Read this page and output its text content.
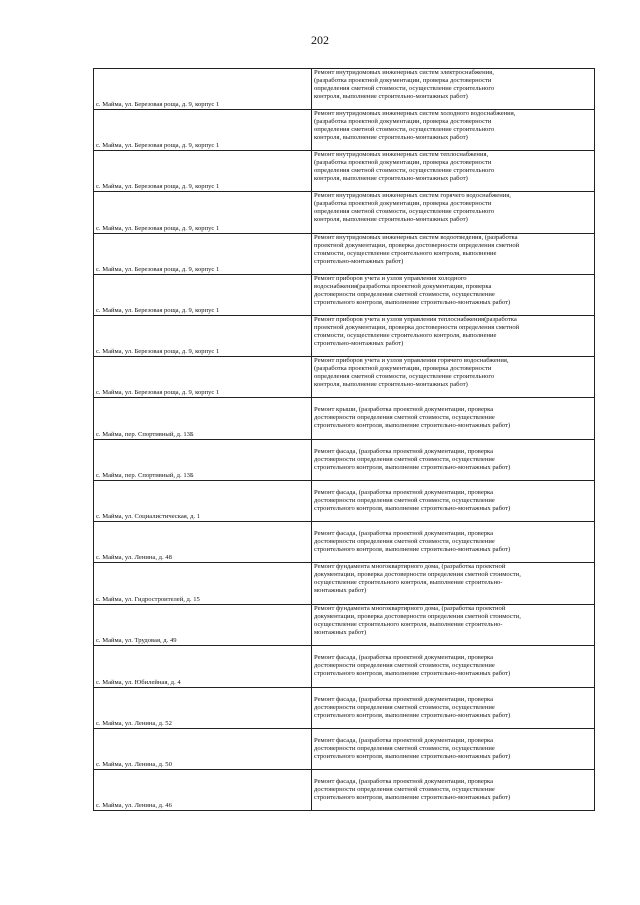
202
с. Майма, ул. Березовая роща, д. 9, корпус 1	Ремонт внутридомовых инженерных систем электроснабжения,
(разработка проектной документации, проверка достоверности
определения сметной стоимости, осуществление строительного
контроля, выполнение строительно-монтажных работ)

с. Майма, ул. Березовая роща, д. 9, корпус 1	Ремонт внутридомовых инженерных систем холодного водоснабжения,
(разработка проектной документации, проверка достоверности
определения сметной стоимости, осуществление строительного
контроля, выполнение строительно-монтажных работ)

с. Майма, ул. Березовая роща, д. 9, корпус 1	Ремонт внутридомовых инженерных систем теплоснабжения,
(разработка проектной документации, проверка достоверности
определения сметной стоимости, осуществление строительного
контроля, выполнение строительно-монтажных работ)

с. Майма, ул. Березовая роща, д. 9, корпус 1	Ремонт внутридомовых инженерных систем горячего водоснабжения,
(разработка проектной документации, проверка достоверности
определения сметной стоимости, осуществление строительного
контроля, выполнение строительно-монтажных работ)

с. Майма, ул. Березовая роща, д. 9, корпус 1	Ремонт внутридомовых инженерных систем водоотведения, (разработка
проектной документации, проверка достоверности определения сметной
стоимости, осуществление строительного контроля, выполнение
строительно-монтажных работ)

с. Майма, ул. Березовая роща, д. 9, корпус 1	Ремонт приборов учета и узлов управления холодного
водоснабжения(разработка проектной документации, проверка
достоверности определения сметной стоимости, осуществление
строительного контроля, выполнение строительно-монтажных работ)

с. Майма, ул. Березовая роща, д. 9, корпус 1	Ремонт приборов учета и узлов управления теплоснабжения(разработка
проектной документации, проверка достоверности определения сметной
стоимости, осуществление строительного контроля, выполнение
строительно-монтажных работ)

с. Майма, ул. Березовая роща, д. 9, корпус 1	Ремонт приборов учета и узлов управления горячего водоснабжения,
(разработка проектной документации, проверка достоверности
определения сметной стоимости, осуществление строительного
контроля, выполнение строительно-монтажных работ)

с. Майма, пер. Спортивный, д. 13Б	Ремонт крыши, (разработка проектной документации, проверка
достоверности определения сметной стоимости, осуществление
строительного контроля, выполнение строительно-монтажных работ)

с. Майма, пер. Спортивный, д. 13Б	Ремонт фасада, (разработка проектной документации, проверка
достоверности определения сметной стоимости, осуществление
строительного контроля, выполнение строительно-монтажных работ)

с. Майма, ул. Социалистическая, д. 1	Ремонт фасада, (разработка проектной документации, проверка
достоверности определения сметной стоимости, осуществление
строительного контроля, выполнение строительно-монтажных работ)

с. Майма, ул. Ленина, д. 48	Ремонт фасада, (разработка проектной документации, проверка
достоверности определения сметной стоимости, осуществление
строительного контроля, выполнение строительно-монтажных работ)

с. Майма, ул. Гидростроителей, д. 15	Ремонт фундамента многоквартирного дома, (разработка проектной
документации, проверка достоверности определения сметной стоимости,
осуществление строительного контроля, выполнение строительно-
монтажных работ)

с. Майма, ул. Трудовая, д. 49	Ремонт фундамента многоквартирного дома, (разработка проектной
документации, проверка достоверности определения сметной стоимости,
осуществление строительного контроля, выполнение строительно-
монтажных работ)

с. Майма, ул. Юбилейная, д. 4	Ремонт фасада, (разработка проектной документации, проверка
достоверности определения сметной стоимости, осуществление
строительного контроля, выполнение строительно-монтажных работ)

с. Майма, ул. Ленина, д. 52	Ремонт фасада, (разработка проектной документации, проверка
достоверности определения сметной стоимости, осуществление
строительного контроля, выполнение строительно-монтажных работ)

с. Майма, ул. Ленина, д. 50	Ремонт фасада, (разработка проектной документации, проверка
достоверности определения сметной стоимости, осуществление
строительного контроля, выполнение строительно-монтажных работ)

с. Майма, ул. Ленина, д. 46	Ремонт фасада, (разработка проектной документации, проверка
достоверности определения сметной стоимости, осуществление
строительного контроля, выполнение строительно-монтажных работ)
